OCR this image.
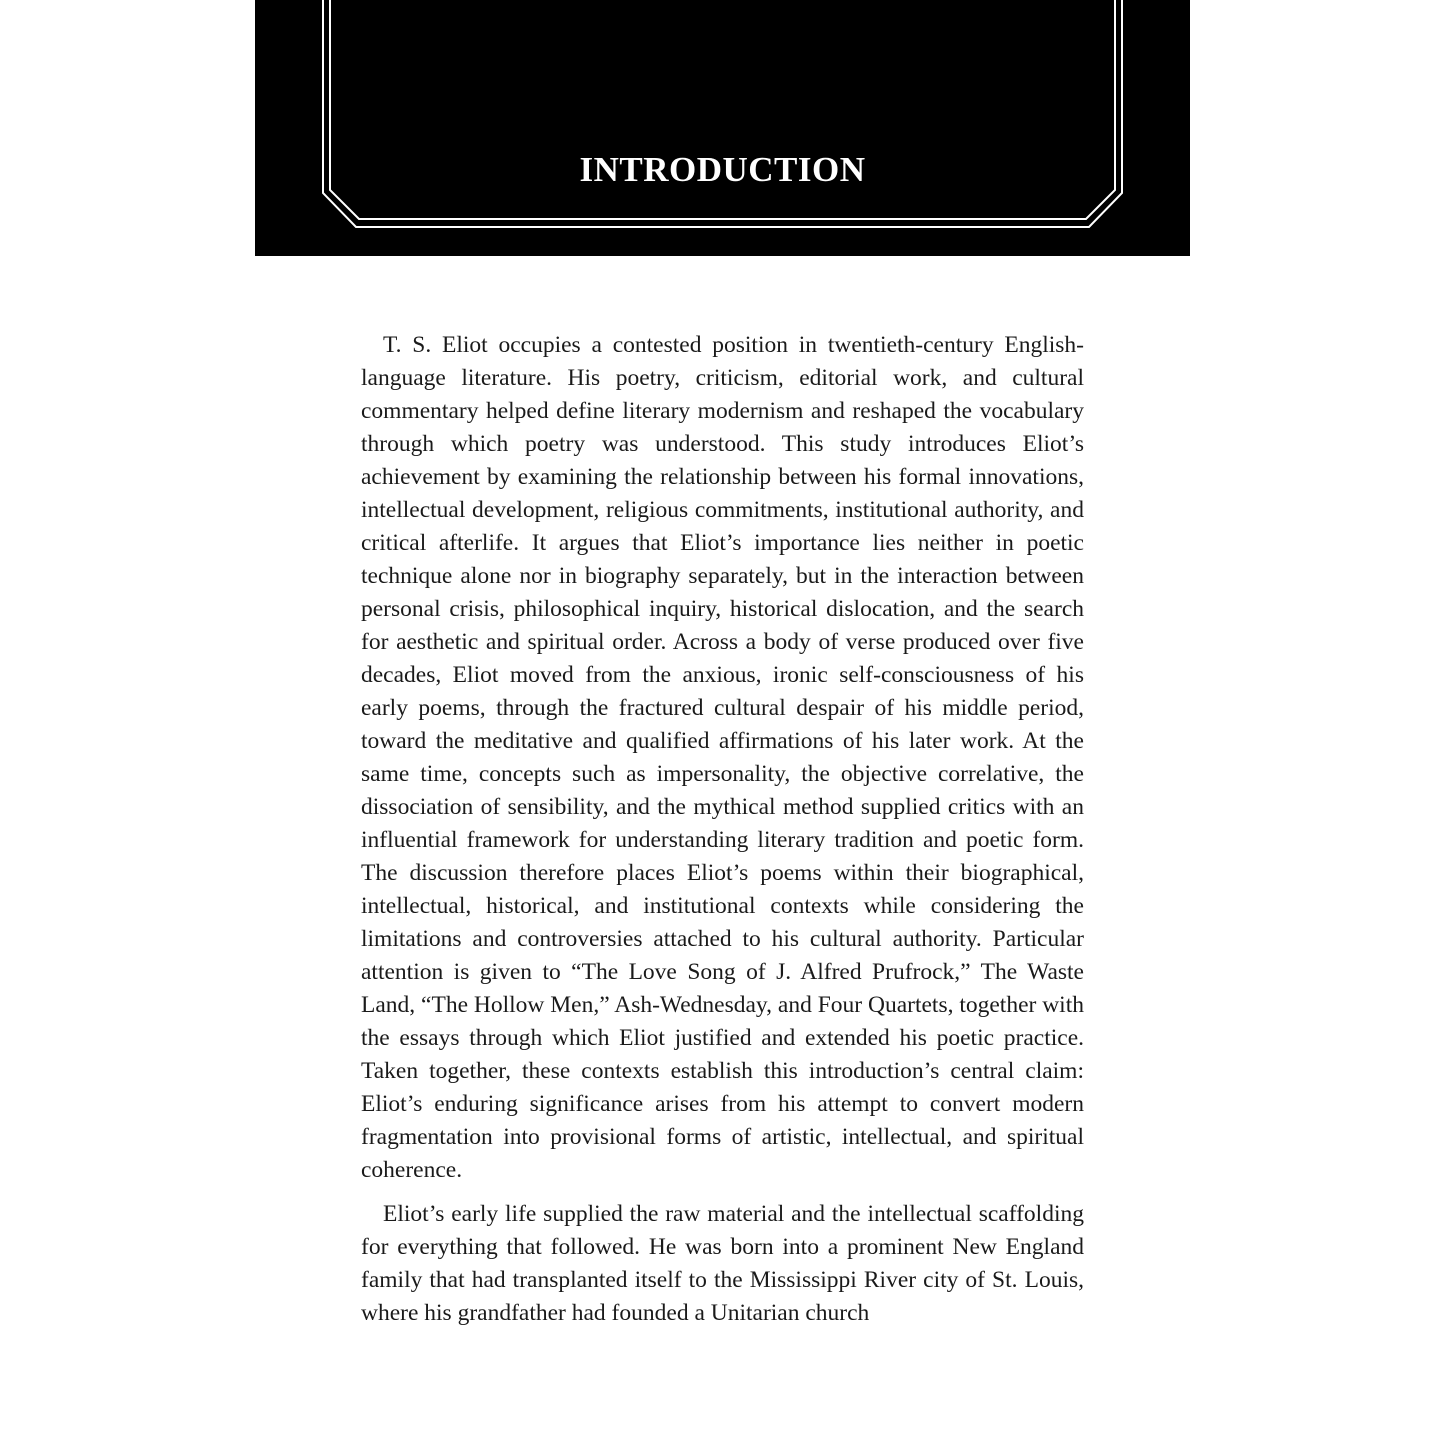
INTRODUCTION

T. S. Eliot occupies a contested position in twentieth-century English-language literature. His poetry, criticism, editorial work, and cultural commentary helped define literary modernism and reshaped the vocabulary through which poetry was understood. This study introduces Eliot’s achievement by examining the relationship between his formal innovations, intellectual development, religious commitments, institutional authority, and critical afterlife. It argues that Eliot’s importance lies neither in poetic technique alone nor in biography separately, but in the interaction between personal crisis, philosophical inquiry, historical dislocation, and the search for aesthetic and spiritual order. Across a body of verse produced over five decades, Eliot moved from the anxious, ironic self-consciousness of his early poems, through the fractured cultural despair of his middle period, toward the meditative and qualified affirmations of his later work. At the same time, concepts such as impersonality, the objective correlative, the dissociation of sensibility, and the mythical method supplied critics with an influential framework for understanding literary tradition and poetic form. The discussion therefore places Eliot’s poems within their biographical, intellectual, historical, and institutional contexts while considering the limitations and controversies attached to his cultural authority. Particular attention is given to “The Love Song of J. Alfred Prufrock,” The Waste Land, “The Hollow Men,” Ash-Wednesday, and Four Quartets, together with the essays through which Eliot justified and extended his poetic practice. Taken together, these contexts establish this introduction’s central claim: Eliot’s enduring significance arises from his attempt to convert modern fragmentation into provisional forms of artistic, intellectual, and spiritual coherence.

Eliot’s early life supplied the raw material and the intellectual scaffolding for everything that followed. He was born into a prominent New England family that had transplanted itself to the Mississippi River city of St. Louis, where his grandfather had founded a Unitarian church
